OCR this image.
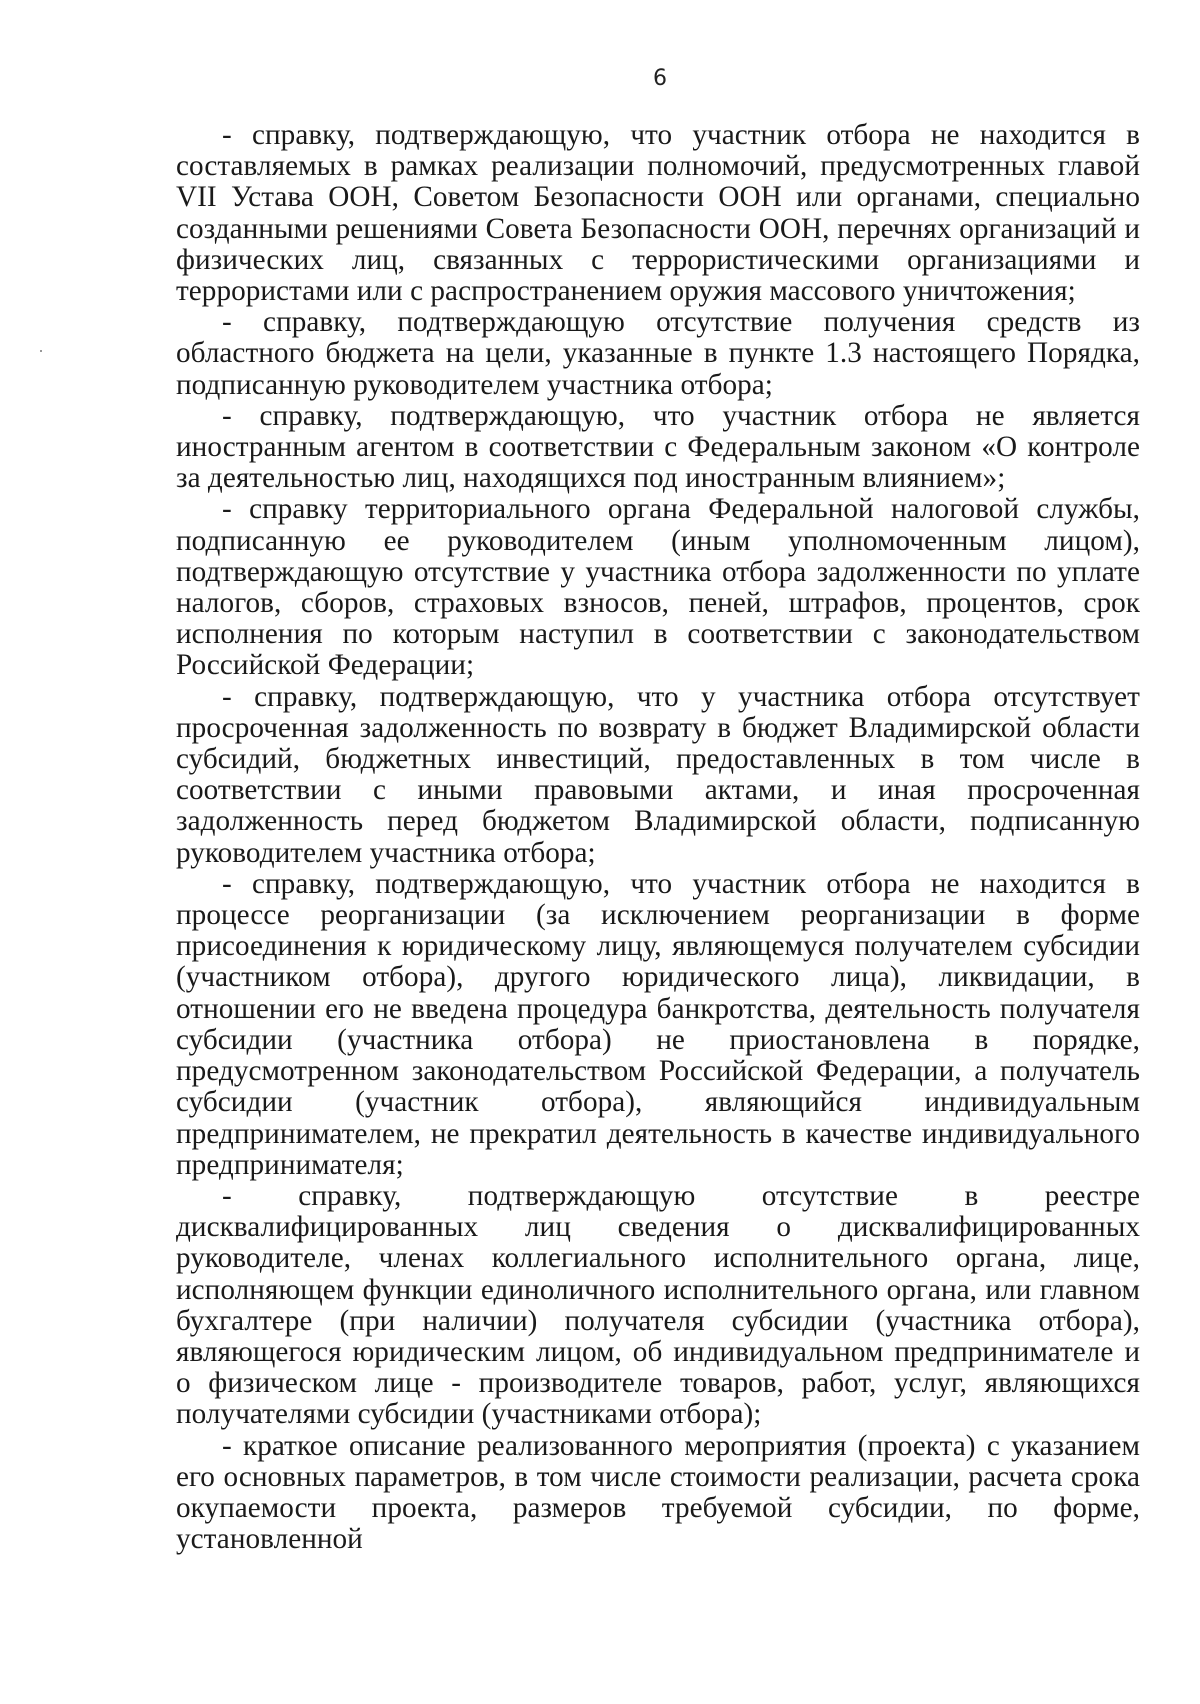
6

- справку, подтверждающую, что участник отбора не находится в составляемых в рамках реализации полномочий, предусмотренных главой VII Устава ООН, Советом Безопасности ООН или органами, специально созданными решениями Совета Безопасности ООН, перечнях организаций и физических лиц, связанных с террористическими организациями и террористами или с распространением оружия массового уничтожения;

- справку, подтверждающую отсутствие получения средств из областного бюджета на цели, указанные в пункте 1.3 настоящего Порядка, подписанную руководителем участника отбора;

- справку, подтверждающую, что участник отбора не является иностранным агентом в соответствии с Федеральным законом «О контроле за деятельностью лиц, находящихся под иностранным влиянием»;

- справку территориального органа Федеральной налоговой службы, подписанную ее руководителем (иным уполномоченным лицом), подтверждающую отсутствие у участника отбора задолженности по уплате налогов, сборов, страховых взносов, пеней, штрафов, процентов, срок исполнения по которым наступил в соответствии с законодательством Российской Федерации;

- справку, подтверждающую, что у участника отбора отсутствует просроченная задолженность по возврату в бюджет Владимирской области субсидий, бюджетных инвестиций, предоставленных в том числе в соответствии с иными правовыми актами, и иная просроченная задолженность перед бюджетом Владимирской области, подписанную руководителем участника отбора;

- справку, подтверждающую, что участник отбора не находится в процессе реорганизации (за исключением реорганизации в форме присоединения к юридическому лицу, являющемуся получателем субсидии (участником отбора), другого юридического лица), ликвидации, в отношении его не введена процедура банкротства, деятельность получателя субсидии (участника отбора) не приостановлена в порядке, предусмотренном законодательством Российской Федерации, а получатель субсидии (участник отбора), являющийся индивидуальным предпринимателем, не прекратил деятельность в качестве индивидуального предпринимателя;

- справку, подтверждающую отсутствие в реестре дисквалифицированных лиц сведения о дисквалифицированных руководителе, членах коллегиального исполнительного органа, лице, исполняющем функции единоличного исполнительного органа, или главном бухгалтере (при наличии) получателя субсидии (участника отбора), являющегося юридическим лицом, об индивидуальном предпринимателе и о физическом лице - производителе товаров, работ, услуг, являющихся получателями субсидии (участниками отбора);

- краткое описание реализованного мероприятия (проекта) с указанием его основных параметров, в том числе стоимости реализации, расчета срока окупаемости проекта, размеров требуемой субсидии, по форме, установленной
